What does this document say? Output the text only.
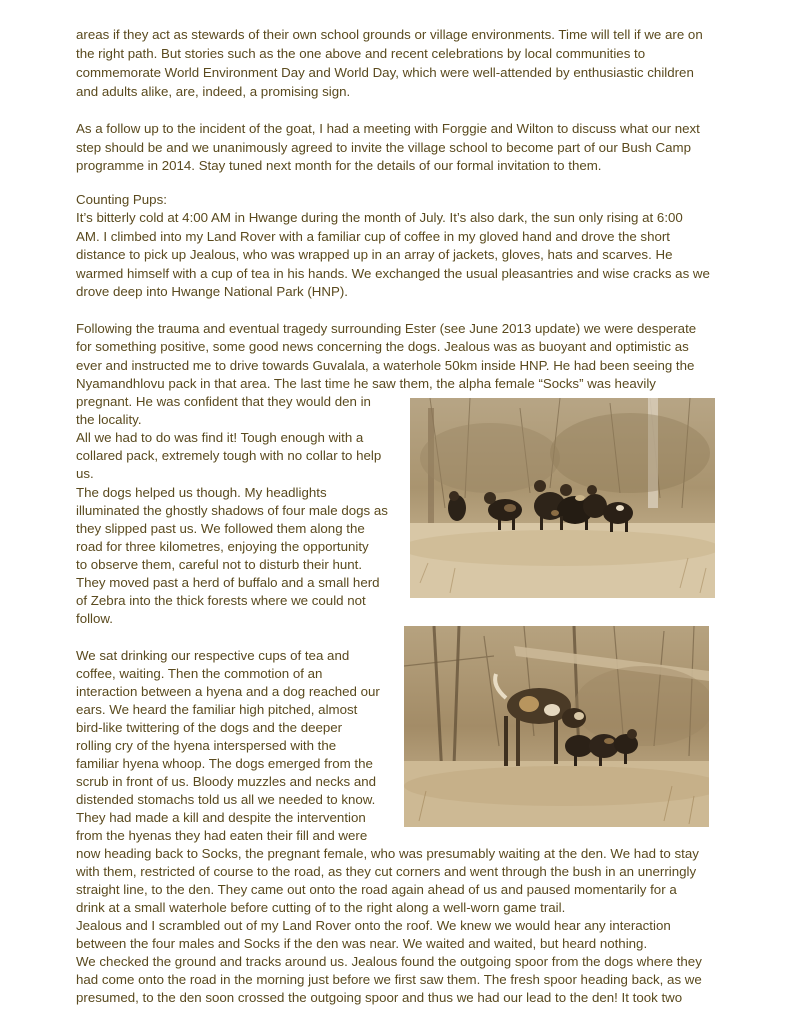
areas if they act as stewards of their own school grounds or village environments. Time will tell if we are on
the right path. But stories such as the one above and recent celebrations by local communities to
commemorate World Environment Day and World Day, which were well-attended by enthusiastic children
and adults alike, are, indeed, a promising sign.
As a follow up to the incident of the goat, I had a meeting with Forggie and Wilton to discuss what our next
step should be and we unanimously agreed to invite the village school to become part of our Bush Camp
programme in 2014. Stay tuned next month for the details of our formal invitation to them.
Counting Pups:
It’s bitterly cold at 4:00 AM in Hwange during the month of July. It’s also dark, the sun only rising at 6:00
AM. I climbed into my Land Rover with a familiar cup of coffee in my gloved hand and drove the short
distance to pick up Jealous, who was wrapped up in an array of jackets, gloves, hats and scarves. He
warmed himself with a cup of tea in his hands. We exchanged the usual pleasantries and wise cracks as we
drove deep into Hwange National Park (HNP).
Following the trauma and eventual tragedy surrounding Ester (see June 2013 update) we were desperate
for something positive, some good news concerning the dogs. Jealous was as buoyant and optimistic as
ever and instructed me to drive towards Guvalala, a waterhole 50km inside HNP. He had been seeing the
Nyamandhlovu pack in that area. The last time he saw them, the alpha female “Socks” was heavily
pregnant. He was confident that they would den in
the locality.
All we had to do was find it! Tough enough with a
collared pack, extremely tough with no collar to help
us.
The dogs helped us though. My headlights
illuminated the ghostly shadows of four male dogs as
they slipped past us. We followed them along the
road for three kilometres, enjoying the opportunity
to observe them, careful not to disturb their hunt.
They moved past a herd of buffalo and a small herd
of Zebra into the thick forests where we could not
follow.
We sat drinking our respective cups of tea and
coffee, waiting. Then the commotion of an
interaction between a hyena and a dog reached our
ears. We heard the familiar high pitched, almost
bird-like twittering of the dogs and the deeper
rolling cry of the hyena interspersed with the
familiar hyena whoop. The dogs emerged from the
scrub in front of us. Bloody muzzles and necks and
distended stomachs told us all we needed to know.
They had made a kill and despite the intervention
from the hyenas they had eaten their fill and were
now heading back to Socks, the pregnant female, who was presumably waiting at the den. We had to stay
with them, restricted of course to the road, as they cut corners and went through the bush in an unerringly
straight line, to the den. They came out onto the road again ahead of us and paused momentarily for a
drink at a small waterhole before cutting of to the right along a well-worn game trail.
Jealous and I scrambled out of my Land Rover onto the roof. We knew we would hear any interaction
between the four males and Socks if the den was near. We waited and waited, but heard nothing.
We checked the ground and tracks around us. Jealous found the outgoing spoor from the dogs where they
had come onto the road in the morning just before we first saw them. The fresh spoor heading back, as we
presumed, to the den soon crossed the outgoing spoor and thus we had our lead to the den! It took two
